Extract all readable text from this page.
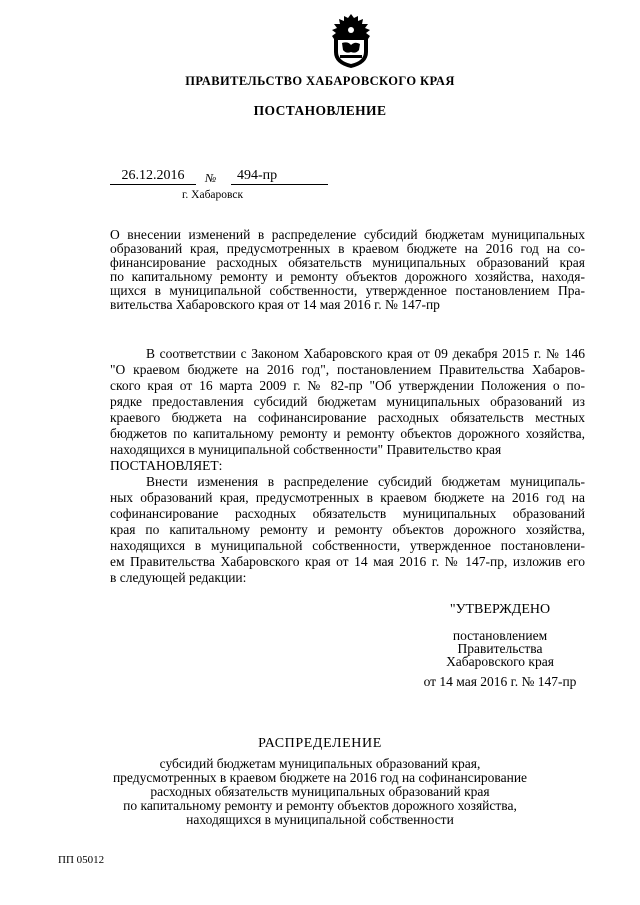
ПРАВИТЕЛЬСТВО ХАБАРОВСКОГО КРАЯ
ПОСТАНОВЛЕНИЕ
26.12.2016	№	494-пр
г. Хабаровск
О внесении изменений в распределение субсидий бюджетам муниципальных
образований края, предусмотренных в краевом бюджете на 2016 год на со-
финансирование расходных обязательств муниципальных образований края
по капитальному ремонту и ремонту объектов дорожного хозяйства, находя-
щихся в муниципальной собственности, утвержденное постановлением Пра-
вительства Хабаровского края от 14 мая 2016 г. № 147-пр
В соответствии с Законом Хабаровского края от 09 декабря 2015 г. № 146
"О краевом бюджете на 2016 год", постановлением Правительства Хабаров-
ского края от 16 марта 2009 г. № 82-пр "Об утверждении Положения о по-
рядке предоставления субсидий бюджетам муниципальных образований из
краевого бюджета на софинансирование расходных обязательств местных
бюджетов по капитальному ремонту и ремонту объектов дорожного хозяйства,
находящихся в муниципальной собственности" Правительство края
ПОСТАНОВЛЯЕТ:
Внести изменения в распределение субсидий бюджетам муниципаль-
ных образований края, предусмотренных в краевом бюджете на 2016 год на
софинансирование расходных обязательств муниципальных образований
края по капитальному ремонту и ремонту объектов дорожного хозяйства,
находящихся в муниципальной собственности, утвержденное постановлени-
ем Правительства Хабаровского края от 14 мая 2016 г. № 147-пр, изложив его
в следующей редакции:
"УТВЕРЖДЕНО
постановлением
Правительства
Хабаровского края
от 14 мая 2016 г. № 147-пр
РАСПРЕДЕЛЕНИЕ
субсидий бюджетам муниципальных образований края,
предусмотренных в краевом бюджете на 2016 год на софинансирование
расходных обязательств муниципальных образований края
по капитальному ремонту и ремонту объектов дорожного хозяйства,
находящихся в муниципальной собственности
ПП 05012
